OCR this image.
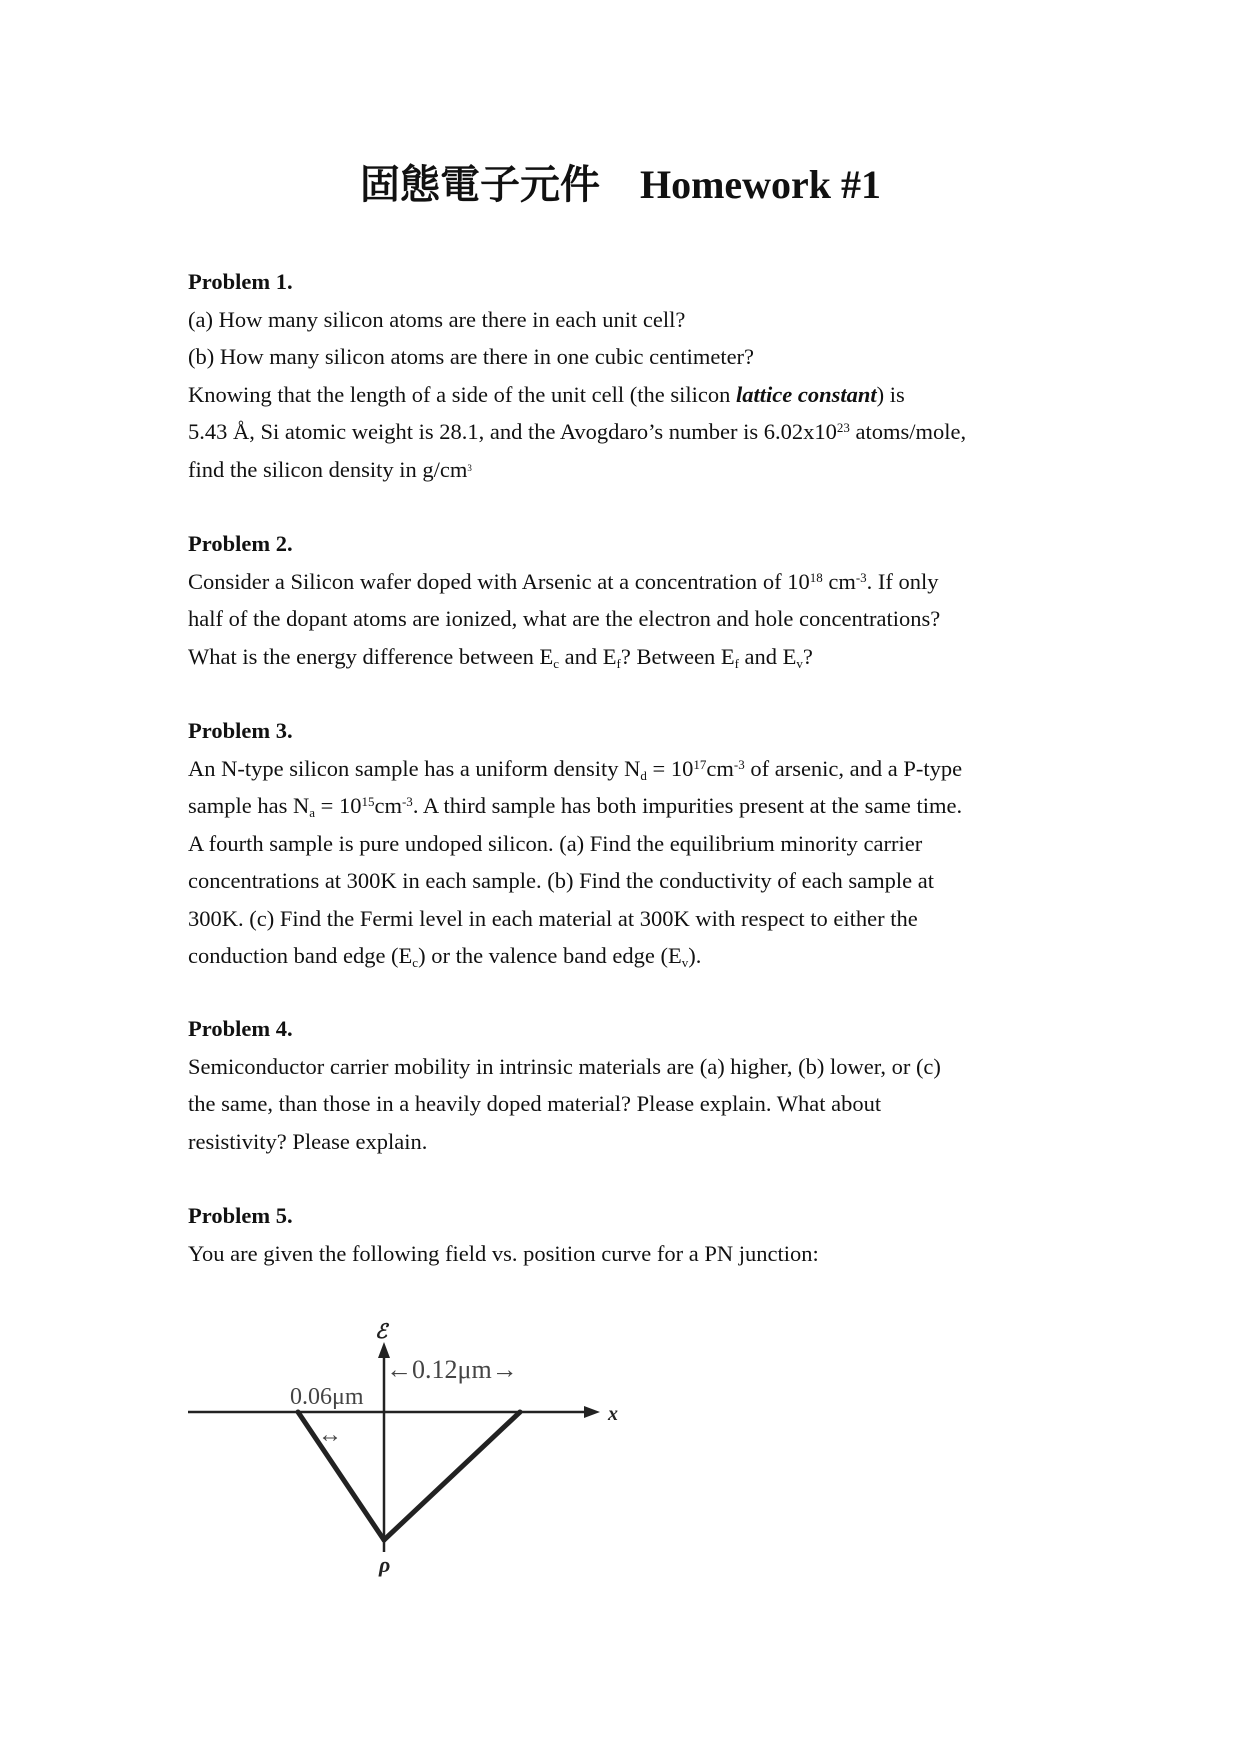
固態電子元件 Homework #1
Problem 1.
(a) How many silicon atoms are there in each unit cell?
(b) How many silicon atoms are there in one cubic centimeter?
Knowing that the length of a side of the unit cell (the silicon lattice constant) is
5.43 Å, Si atomic weight is 28.1, and the Avogdaro’s number is $6.02x10^{23}$ atoms/mole,
find the silicon density in $g/cm^3$
Problem 2.
Consider a Silicon wafer doped with Arsenic at a concentration of $10^{18}$ $cm^{-3}$. If only
half of the dopant atoms are ionized, what are the electron and hole concentrations?
What is the energy difference between $E_c$ and $E_f$? Between $E_f$ and $E_v$?
Problem 3.
An N-type silicon sample has a uniform density $N_d = 10^{17}cm^{-3}$ of arsenic, and a P-type
sample has $N_a = 10^{15}cm^{-3}$. A third sample has both impurities present at the same time.
A fourth sample is pure undoped silicon. (a) Find the equilibrium minority carrier
concentrations at 300K in each sample. (b) Find the conductivity of each sample at
300K. (c) Find the Fermi level in each material at 300K with respect to either the
conduction band edge $(E_c)$ or the valence band edge $(E_v)$.
Problem 4.
Semiconductor carrier mobility in intrinsic materials are (a) higher, (b) lower, or (c)
the same, than those in a heavily doped material? Please explain. What about
resistivity? Please explain.
Problem 5.
You are given the following field vs. position curve for a PN junction:
x
ℰ
←0.12μm→
0.06μm
↔
ρ
